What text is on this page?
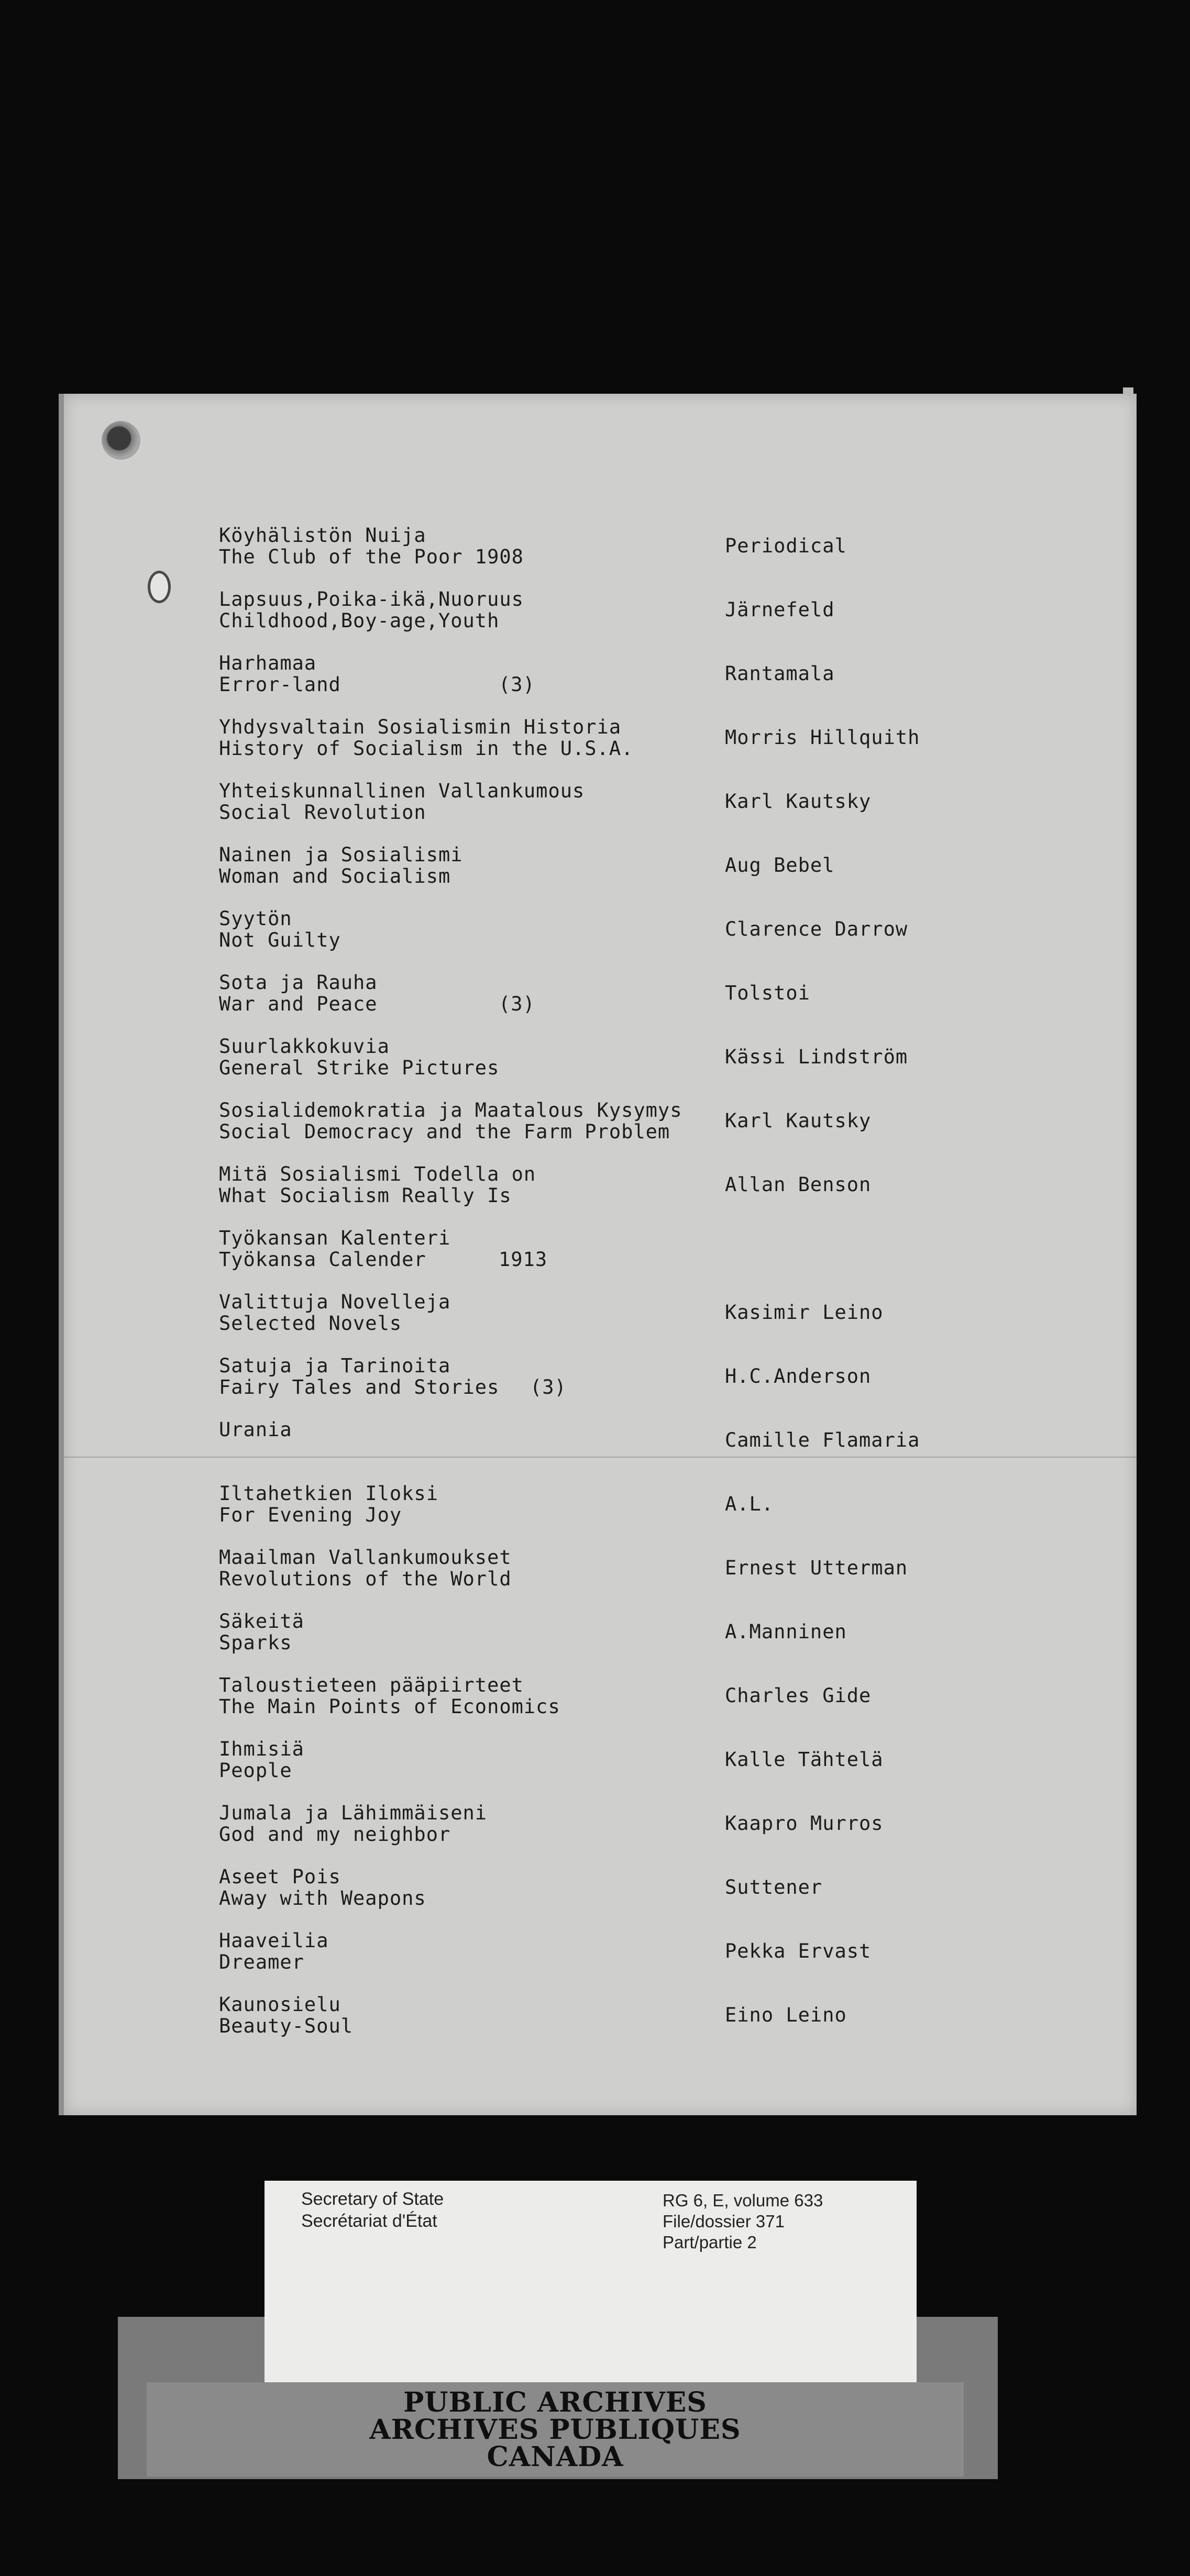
Köyhälistön Nuija
The Club of the Poor 1908	Periodical
Lapsuus,Poika-ikä,Nuoruus
Childhood,Boy-age,Youth	Järnefeld
Harhamaa
Error-land	(3)	Rantamala
Yhdysvaltain Sosialismin Historia
History of Socialism in the U.S.A.	Morris Hillquith
Yhteiskunnallinen Vallankumous
Social Revolution	Karl Kautsky
Nainen ja Sosialismi
Woman and Socialism	Aug Bebel
Syytön
Not Guilty	Clarence Darrow
Sota ja Rauha
War and Peace	(3)	Tolstoi
Suurlakkokuvia
General Strike Pictures	Kässi Lindström
Sosialidemokratia ja Maatalous Kysymys
Social Democracy and the Farm Problem	Karl Kautsky
Mitä Sosialismi Todella on
What Socialism Really Is	Allan Benson
Työkansan Kalenteri
Työkansa Calender	1913
Valittuja Novelleja
Selected Novels	Kasimir Leino
Satuja ja Tarinoita
Fairy Tales and Stories (3)	H.C.Anderson
Urania	Camille Flamaria
Iltahetkien Iloksi
For Evening Joy	A.L.
Maailman Vallankumoukset
Revolutions of the World	Ernest Utterman
Säkeitä
Sparks	A.Manninen
Taloustieteen pääpiirteet
The Main Points of Economics	Charles Gide
Ihmisiä
People	Kalle Tähtelä
Jumala ja Lähimmäiseni
God and my neighbor	Kaapro Murros
Aseet Pois
Away with Weapons	Suttener
Haaveilia
Dreamer	Pekka Ervast
Kaunosielu
Beauty-Soul	Eino Leino
PUBLIC ARCHIVES
ARCHIVES PUBLIQUES
CANADA
Secretary of State
Secrétariat d'État
RG 6, E, volume 633
File/dossier 371
Part/partie 2
